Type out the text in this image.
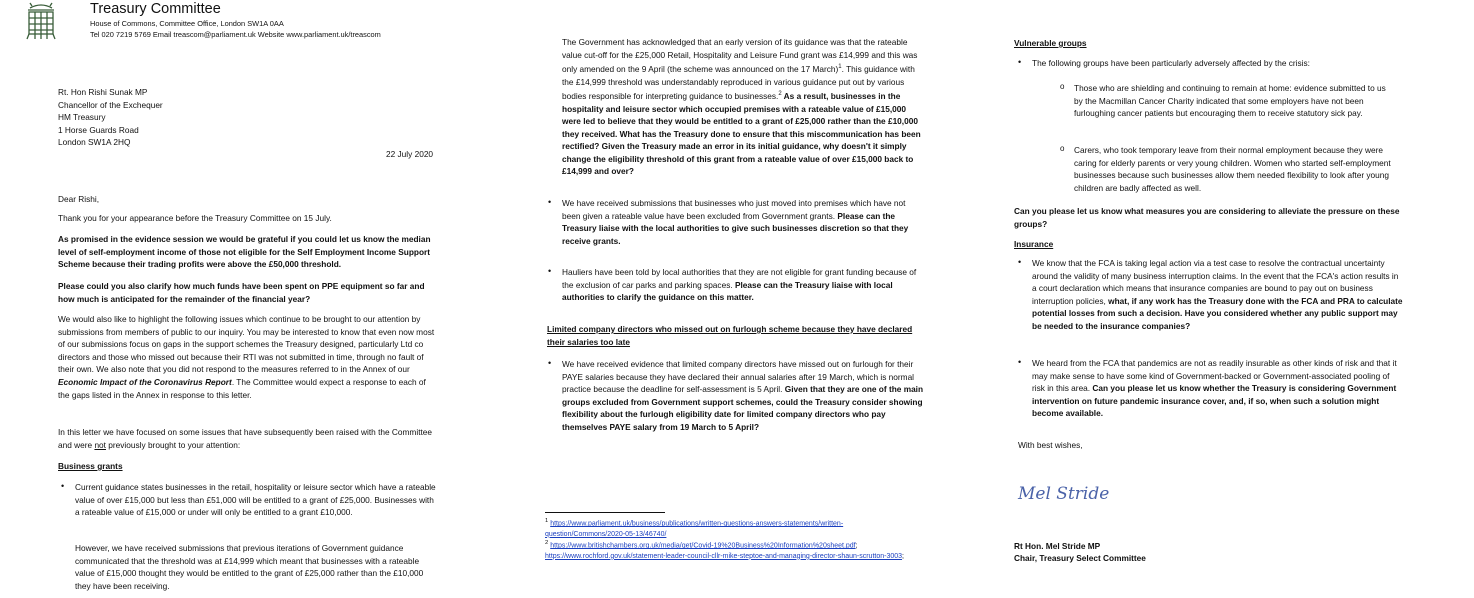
Treasury Committee
House of Commons, Committee Office, London SW1A 0AA
Tel 020 7219 5769 Email treascom@parliament.uk Website www.parliament.uk/treascom
Rt. Hon Rishi Sunak MP
Chancellor of the Exchequer
HM Treasury
1 Horse Guards Road
London SW1A 2HQ
22 July 2020
Dear Rishi,
Thank you for your appearance before the Treasury Committee on 15 July.
As promised in the evidence session we would be grateful if you could let us know the median level of self-employment income of those not eligible for the Self Employment Income Support Scheme because their trading profits were above the £50,000 threshold.
Please could you also clarify how much funds have been spent on PPE equipment so far and how much is anticipated for the remainder of the financial year?

We would also like to highlight the following issues which continue to be brought to our attention by submissions from members of public to our inquiry. You may be interested to know that even now most of our submissions focus on gaps in the support schemes the Treasury designed, particularly Ltd co directors and those who missed out because their RTI was not submitted in time, through no fault of their own. We also note that you did not respond to the measures referred to in the Annex of our Economic Impact of the Coronavirus Report. The Committee would expect a response to each of the gaps listed in the Annex in response to this letter.

In this letter we have focused on some issues that have subsequently been raised with the Committee and were not previously brought to your attention:

Business grants
• Current guidance states businesses in the retail, hospitality or leisure sector which have a rateable value of over £15,000 but less than £51,000 will be entitled to a grant of £25,000. Businesses with a rateable value of £15,000 or under will only be entitled to a grant £10,000.
However, we have received submissions that previous iterations of Government guidance communicated that the threshold was at £14,999 which meant that businesses with a rateable value of £15,000 thought they would be entitled to the grant of £25,000 rather than the £10,000 they have been receiving.

The Government has acknowledged that an early version of its guidance was that the rateable value cut-off for the £25,000 Retail, Hospitality and Leisure Fund grant was £14,999 and this was only amended on the 9 April (the scheme was announced on the 17 March)$^1$. This guidance with the £14,999 threshold was understandably reproduced in various guidance put out by various bodies responsible for interpreting guidance to businesses.$^2$ As a result, businesses in the hospitality and leisure sector which occupied premises with a rateable value of £15,000 were led to believe that they would be entitled to a grant of £25,000 rather than the £10,000 they received. What has the Treasury done to ensure that this miscommunication has been rectified? Given the Treasury made an error in its initial guidance, why doesn't it simply change the eligibility threshold of this grant from a rateable value of over £15,000 back to £14,999 and over?

• We have received submissions that businesses who just moved into premises which have not been given a rateable value have been excluded from Government grants. Please can the Treasury liaise with the local authorities to give such businesses discretion so that they receive grants.

• Hauliers have been told by local authorities that they are not eligible for grant funding because of the exclusion of car parks and parking spaces. Please can the Treasury liaise with local authorities to clarify the guidance on this matter.

Limited company directors who missed out on furlough scheme because they have declared their salaries too late
• We have received evidence that limited company directors have missed out on furlough for their PAYE salaries because they have declared their annual salaries after 19 March, which is normal practice because the deadline for self-assessment is 5 April. Given that they are one of the main groups excluded from Government support schemes, could the Treasury consider showing flexibility about the furlough eligibility date for limited company directors who pay themselves PAYE salary from 19 March to 5 April?

$^1$ https://www.parliament.uk/business/publications/written-questions-answers-statements/written-question/Commons/2020-05-13/46740/
$^2$ https://www.britishchambers.org.uk/media/get/Covid-19%20Business%20Information%20sheet.pdf; https://www.rochford.gov.uk/statement-leader-council-cllr-mike-steptoe-and-managing-director-shaun-scrutton-3003;
Vulnerable groups
• The following groups have been particularly adversely affected by the crisis:
o Those who are shielding and continuing to remain at home: evidence submitted to us by the Macmillan Cancer Charity indicated that some employers have not been furloughing cancer patients but encouraging them to receive statutory sick pay.
o Carers, who took temporary leave from their normal employment because they were caring for elderly parents or very young children. Women who started self-employment businesses because such businesses allow them needed flexibility to look after young children are badly affected as well.
Can you please let us know what measures you are considering to alleviate the pressure on these groups?
Insurance
• We know that the FCA is taking legal action via a test case to resolve the contractual uncertainty around the validity of many business interruption claims. In the event that the FCA's action results in a court declaration which means that insurance companies are bound to pay out on business interruption policies, what, if any work has the Treasury done with the FCA and PRA to calculate potential losses from such a decision. Have you considered whether any public support may be needed to the insurance companies?

• We heard from the FCA that pandemics are not as readily insurable as other kinds of risk and that it may make sense to have some kind of Government-backed or Government-associated pooling of risk in this area. Can you please let us know whether the Treasury is considering Government intervention on future pandemic insurance cover, and, if so, when such a solution might become available.

With best wishes,
Mel Stride
Rt Hon. Mel Stride MP
Chair, Treasury Select Committee
